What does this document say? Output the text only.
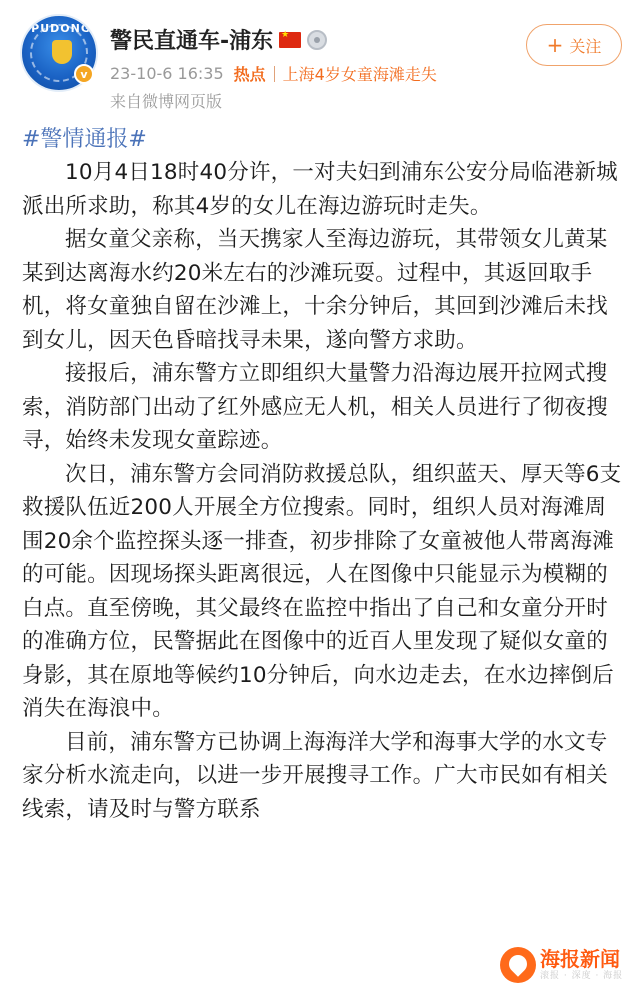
PUDONG
v
警民直通车-浦东
★
23-10-6 16:35 热点 上海4岁女童海滩走失
来自微博网页版
+ 关注
#警情通报#

10月4日18时40分许，一对夫妇到浦东公安分局临港新城派出所求助，称其4岁的女儿在海边游玩时走失。

据女童父亲称，当天携家人至海边游玩，其带领女儿黄某某到达离海水约20米左右的沙滩玩耍。过程中，其返回取手机，将女童独自留在沙滩上，十余分钟后，其回到沙滩后未找到女儿，因天色昏暗找寻未果，遂向警方求助。

接报后，浦东警方立即组织大量警力沿海边展开拉网式搜索，消防部门出动了红外感应无人机，相关人员进行了彻夜搜寻，始终未发现女童踪迹。

次日，浦东警方会同消防救援总队，组织蓝天、厚天等6支救援队伍近200人开展全方位搜索。同时，组织人员对海滩周围20余个监控探头逐一排查，初步排除了女童被他人带离海滩的可能。因现场探头距离很远，人在图像中只能显示为模糊的白点。直至傍晚，其父最终在监控中指出了自己和女童分开时的准确方位，民警据此在图像中的近百人里发现了疑似女童的身影，其在原地等候约10分钟后，向水边走去，在水边摔倒后消失在海浪中。

目前，浦东警方已协调上海海洋大学和海事大学的水文专家分析水流走向，以进一步开展搜寻工作。广大市民如有相关线索，请及时与警方联系

海报新闻
滚报 · 深度 · 海报
